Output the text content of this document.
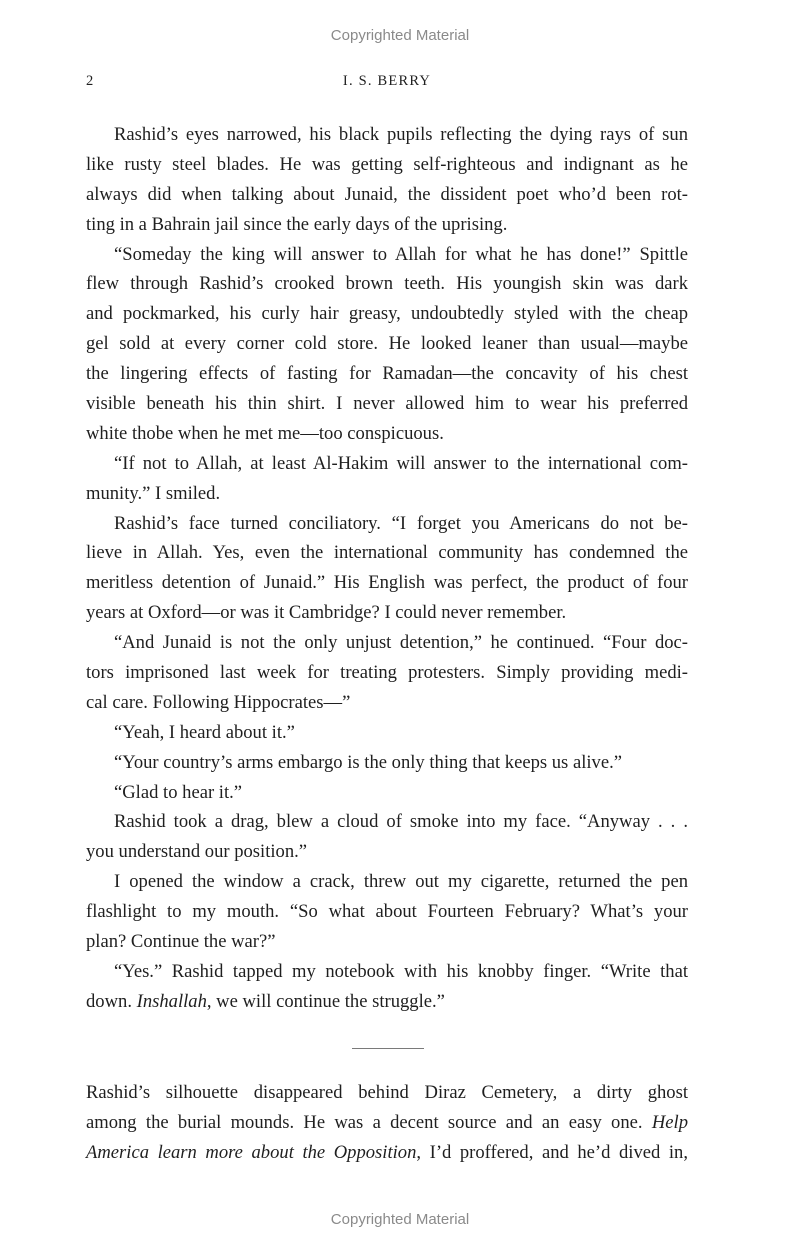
Copyrighted Material
2	I. S. BERRY
Rashid’s eyes narrowed, his black pupils reflecting the dying rays of sun
like rusty steel blades. He was getting self-righteous and indignant as he
always did when talking about Junaid, the dissident poet who’d been rot-
ting in a Bahrain jail since the early days of the uprising.
“Someday the king will answer to Allah for what he has done!” Spittle
flew through Rashid’s crooked brown teeth. His youngish skin was dark
and pockmarked, his curly hair greasy, undoubtedly styled with the cheap
gel sold at every corner cold store. He looked leaner than usual—maybe
the lingering effects of fasting for Ramadan—the concavity of his chest
visible beneath his thin shirt. I never allowed him to wear his preferred
white thobe when he met me—too conspicuous.
“If not to Allah, at least Al-Hakim will answer to the international com-
munity.” I smiled.
Rashid’s face turned conciliatory. “I forget you Americans do not be-
lieve in Allah. Yes, even the international community has condemned the
meritless detention of Junaid.” His English was perfect, the product of four
years at Oxford—or was it Cambridge? I could never remember.
“And Junaid is not the only unjust detention,” he continued. “Four doc-
tors imprisoned last week for treating protesters. Simply providing medi-
cal care. Following Hippocrates—”
“Yeah, I heard about it.”
“Your country’s arms embargo is the only thing that keeps us alive.”
“Glad to hear it.”
Rashid took a drag, blew a cloud of smoke into my face. “Anyway . . .
you understand our position.”
I opened the window a crack, threw out my cigarette, returned the pen
flashlight to my mouth. “So what about Fourteen February? What’s your
plan? Continue the war?”
“Yes.” Rashid tapped my notebook with his knobby finger. “Write that
down. Inshallah, we will continue the struggle.”
Rashid’s silhouette disappeared behind Diraz Cemetery, a dirty ghost
among the burial mounds. He was a decent source and an easy one. Help
America learn more about the Opposition, I’d proffered, and he’d dived in,
Copyrighted Material
